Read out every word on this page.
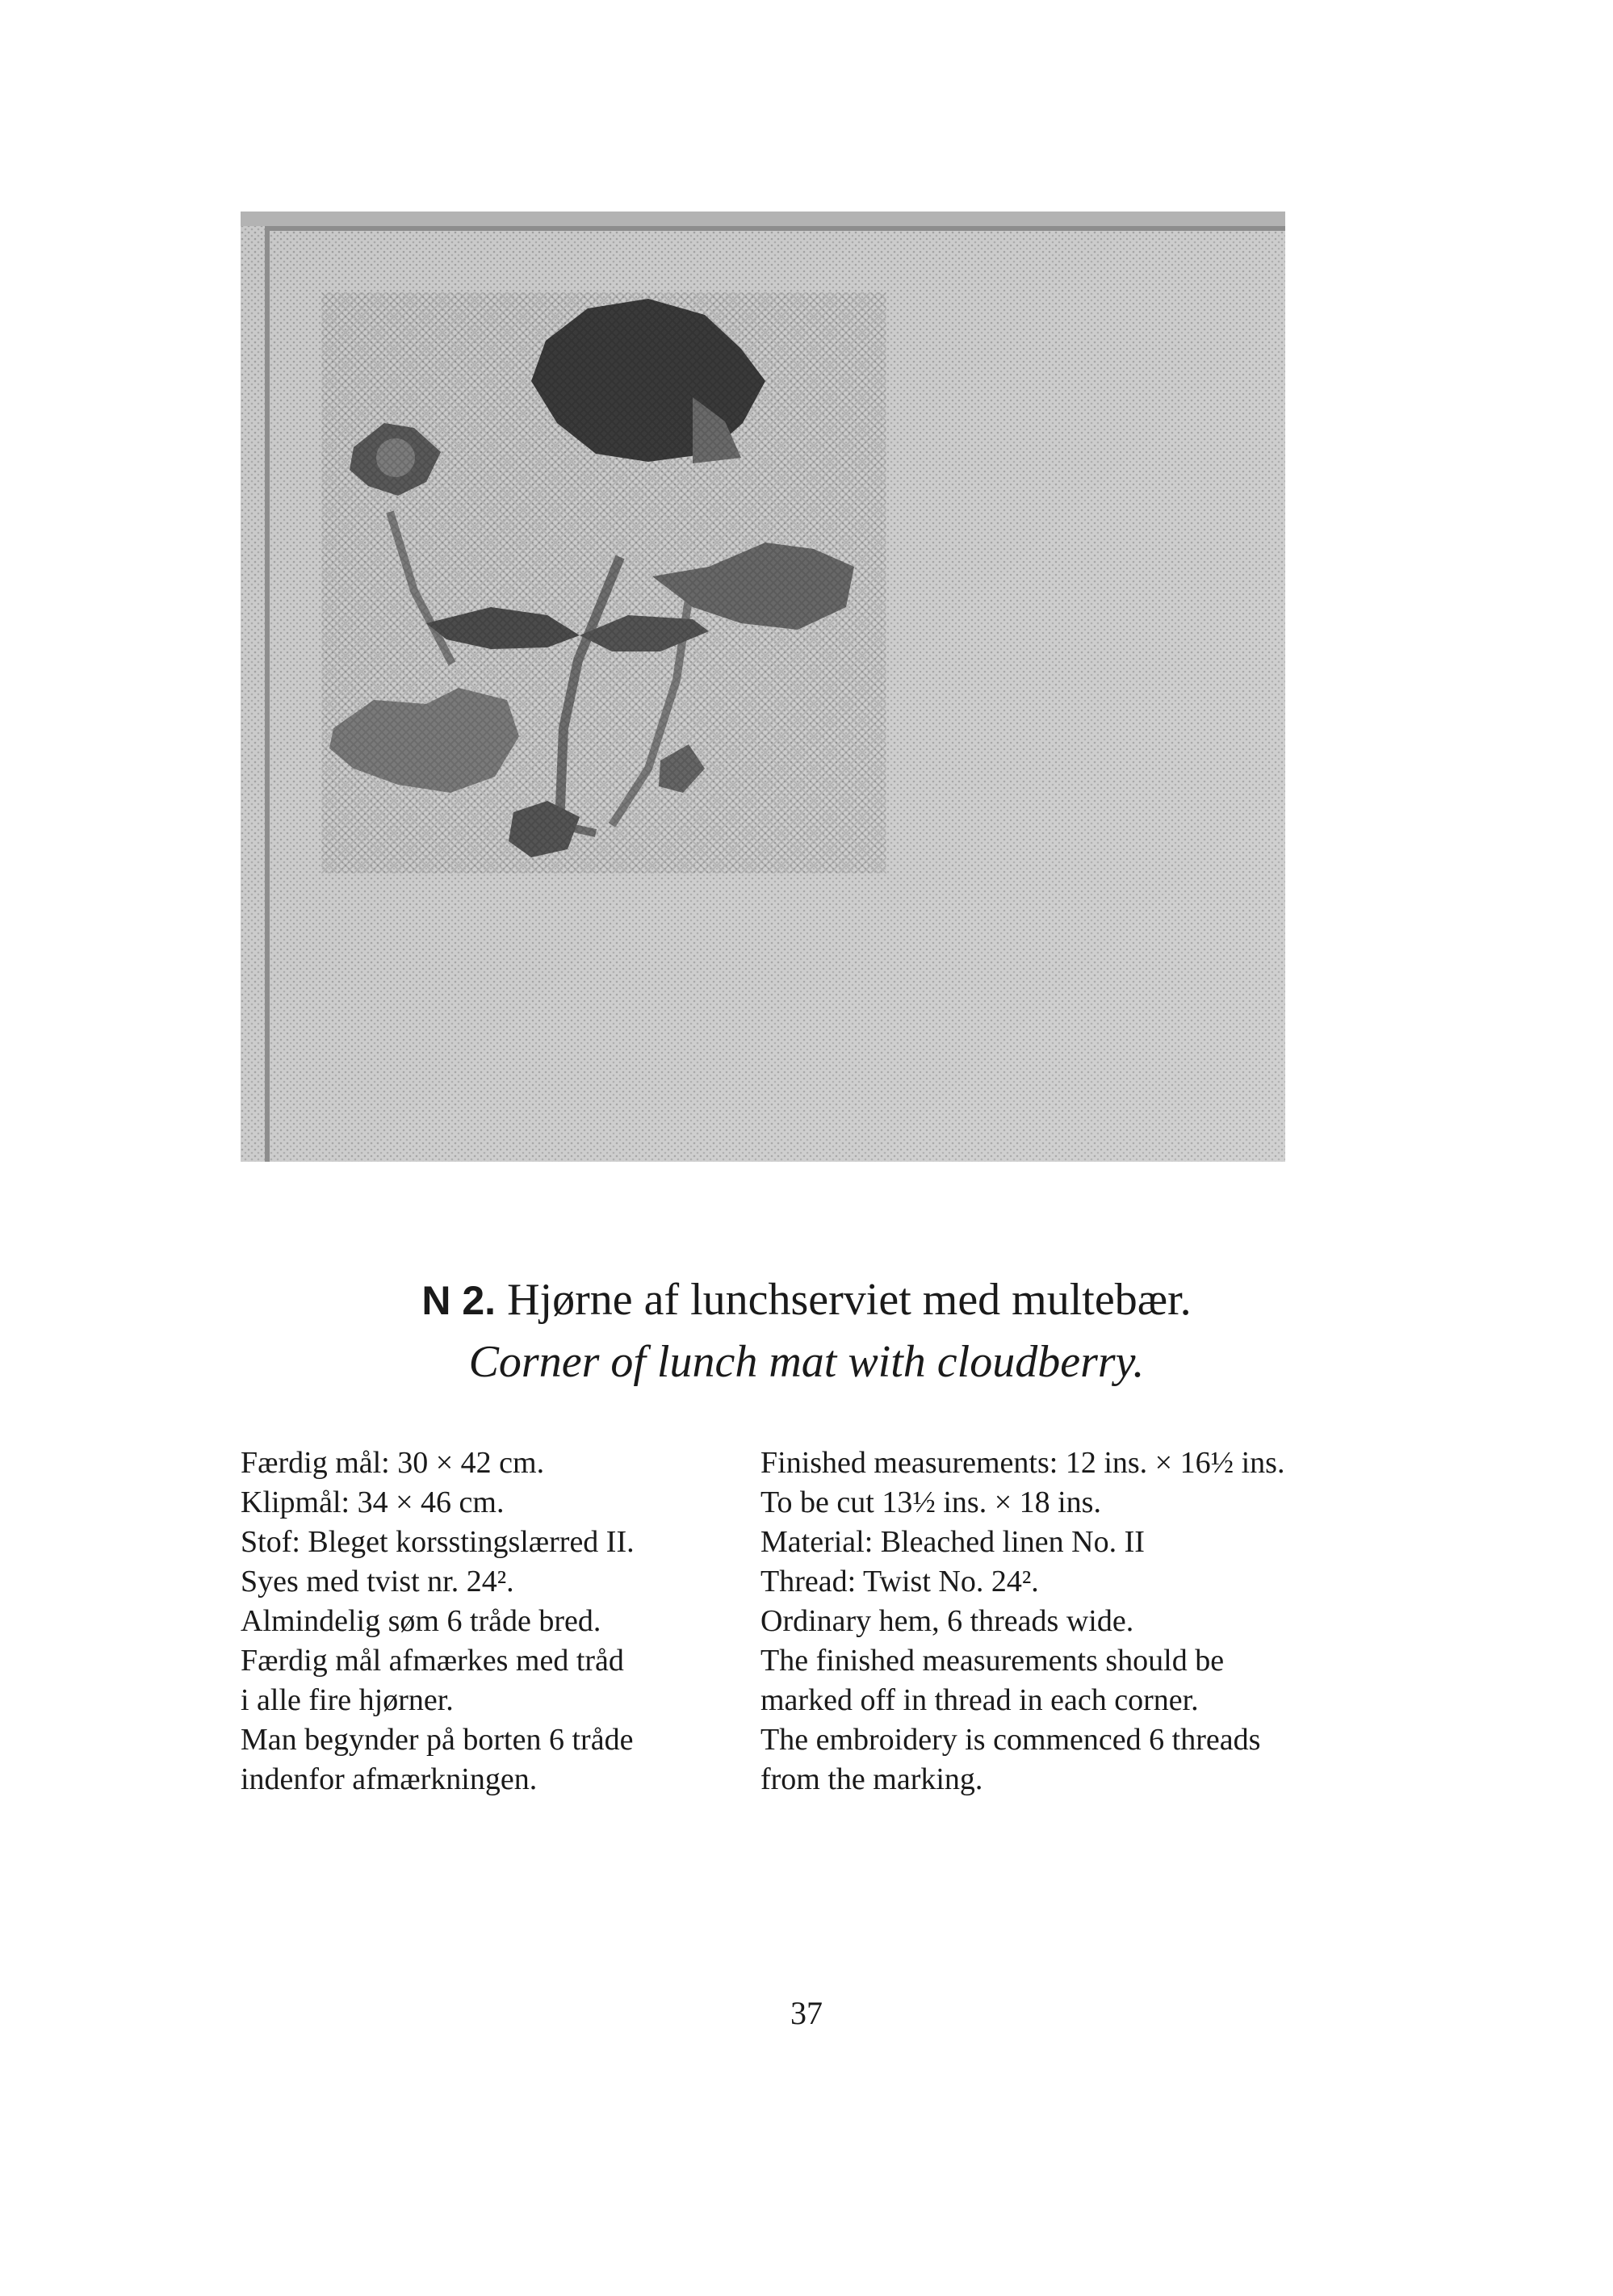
N 2. Hjørne af lunchserviet med multebær.
Corner of lunch mat with cloudberry.
Færdig mål: 30 × 42 cm.
Klipmål: 34 × 46 cm.
Stof: Bleget korsstingslærred II.
Syes med tvist nr. 24².
Almindelig søm 6 tråde bred.
Færdig mål afmærkes med tråd
i alle fire hjørner.
Man begynder på borten 6 tråde
indenfor afmærkningen.
Finished measurements: 12 ins. × 16½ ins.
To be cut 13½ ins. × 18 ins.
Material: Bleached linen No. II
Thread: Twist No. 24².
Ordinary hem, 6 threads wide.
The finished measurements should be
marked off in thread in each corner.
The embroidery is commenced 6 threads
from the marking.
37
